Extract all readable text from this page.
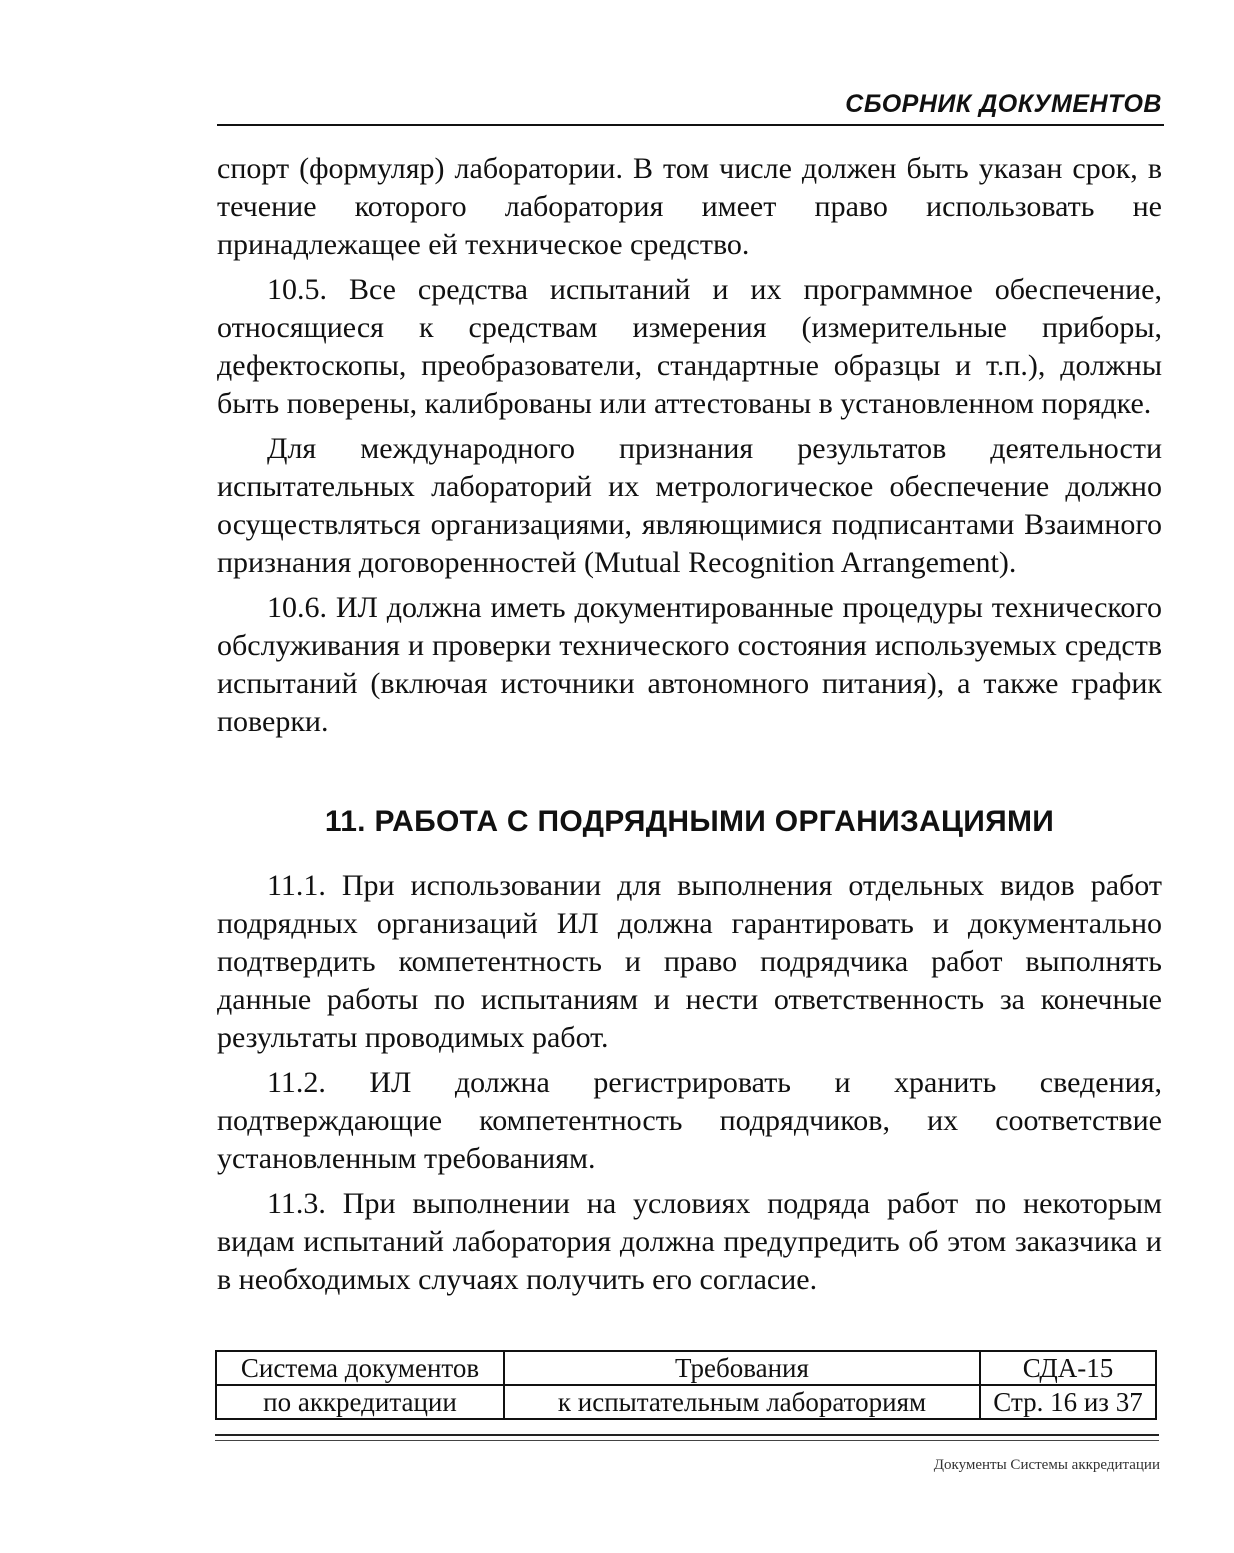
СБОРНИК ДОКУМЕНТОВ

спорт (формуляр) лаборатории. В том числе должен быть указан срок, в течение которого лаборатория имеет право использовать не принадлежащее ей техническое средство.

10.5. Все средства испытаний и их программное обеспечение, относящиеся к средствам измерения (измерительные приборы, дефектоскопы, преобразователи, стандартные образцы и т.п.), должны быть поверены, калиброваны или аттестованы в установленном порядке.

Для международного признания результатов деятельности испытательных лабораторий их метрологическое обеспечение должно осуществляться организациями, являющимися подписантами Взаимного признания договоренностей (Mutual Recognition Arrangement).

10.6. ИЛ должна иметь документированные процедуры технического обслуживания и проверки технического состояния используемых средств испытаний (включая источники автономного питания), а также график поверки.

11. РАБОТА С ПОДРЯДНЫМИ ОРГАНИЗАЦИЯМИ

11.1. При использовании для выполнения отдельных видов работ подрядных организаций ИЛ должна гарантировать и документально подтвердить компетентность и право подрядчика работ выполнять данные работы по испытаниям и нести ответственность за конечные результаты проводимых работ.

11.2. ИЛ должна регистрировать и хранить сведения, подтверждающие компетентность подрядчиков, их соответствие установленным требованиям.

11.3. При выполнении на условиях подряда работ по некоторым видам испытаний лаборатория должна предупредить об этом заказчика и в необходимых случаях получить его согласие.

Система документов	Требования	СДА-15
по аккредитации	к испытательным лабораториям	Стр. 16 из 37
Документы Системы аккредитации
